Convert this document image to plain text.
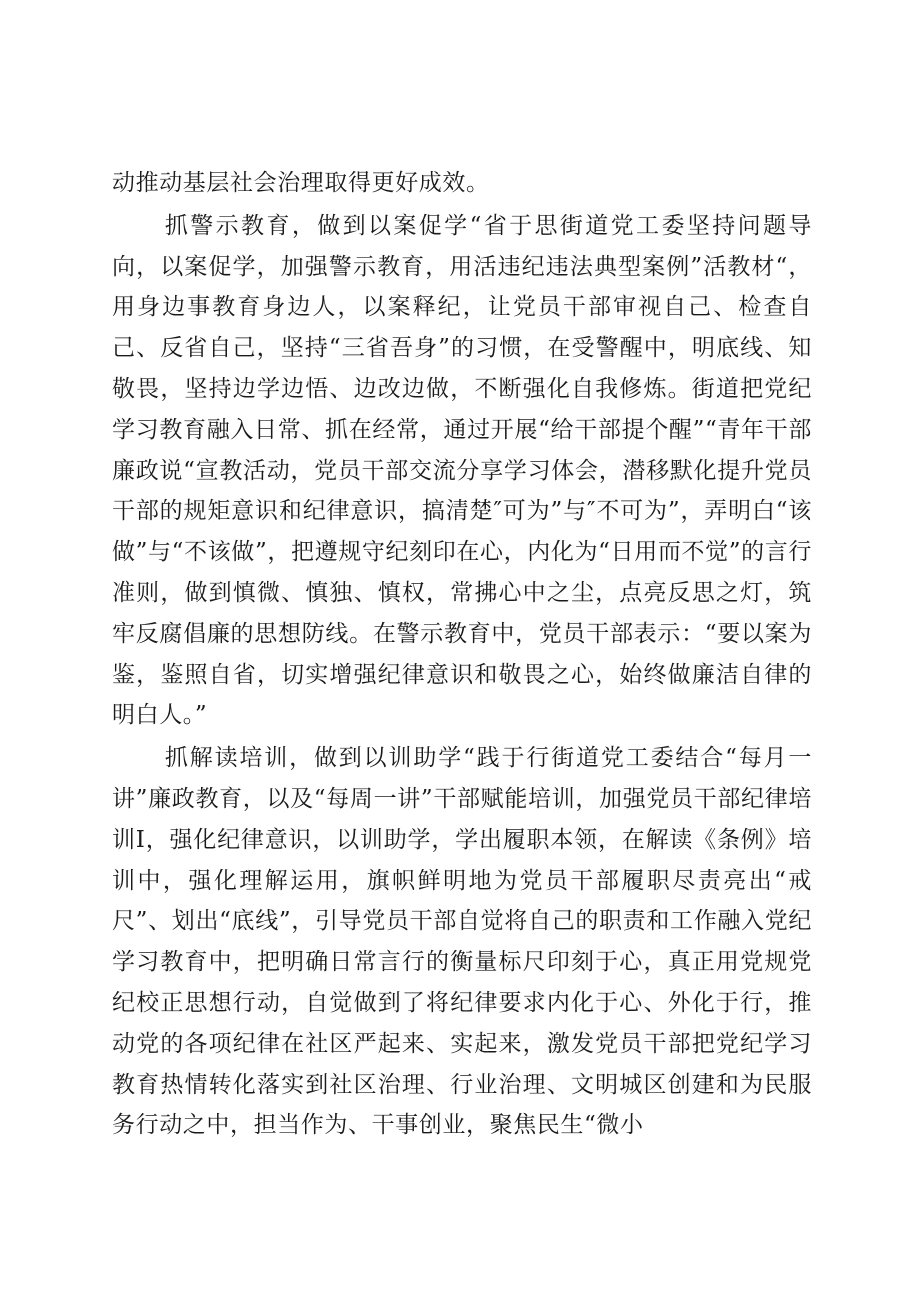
动推动基层社会治理取得更好成效。

抓警示教育，做到以案促学“省于思街道党工委坚持问题导向，以案促学，加强警示教育，用活违纪违法典型案例”活教材“，用身边事教育身边人，以案释纪，让党员干部审视自己、检查自己、反省自己，坚持“三省吾身”的习惯，在受警醒中，明底线、知敬畏，坚持边学边悟、边改边做，不断强化自我修炼。街道把党纪学习教育融入日常、抓在经常，通过开展“给干部提个醒”“青年干部廉政说“宣教活动，党员干部交流分享学习体会，潜移默化提升党员干部的规矩意识和纪律意识，搞清楚″可为”与″不可为”，弄明白“该做”与“不该做”，把遵规守纪刻印在心，内化为“日用而不觉”的言行准则，做到慎微、慎独、慎权，常拂心中之尘，点亮反思之灯，筑牢反腐倡廉的思想防线。在警示教育中，党员干部表示：“要以案为鉴，鉴照自省，切实增强纪律意识和敬畏之心，始终做廉洁自律的明白人。”

抓解读培训，做到以训助学“践于行街道党工委结合“每月一讲”廉政教育，以及“每周一讲”干部赋能培训，加强党员干部纪律培训I，强化纪律意识，以训助学，学出履职本领，在解读《条例》培训中，强化理解运用，旗帜鲜明地为党员干部履职尽责亮出“戒尺”、划出“底线”，引导党员干部自觉将自己的职责和工作融入党纪学习教育中，把明确日常言行的衡量标尺印刻于心，真正用党规党纪校正思想行动，自觉做到了将纪律要求内化于心、外化于行，推动党的各项纪律在社区严起来、实起来，激发党员干部把党纪学习教育热情转化落实到社区治理、行业治理、文明城区创建和为民服务行动之中，担当作为、干事创业，聚焦民生“微小
